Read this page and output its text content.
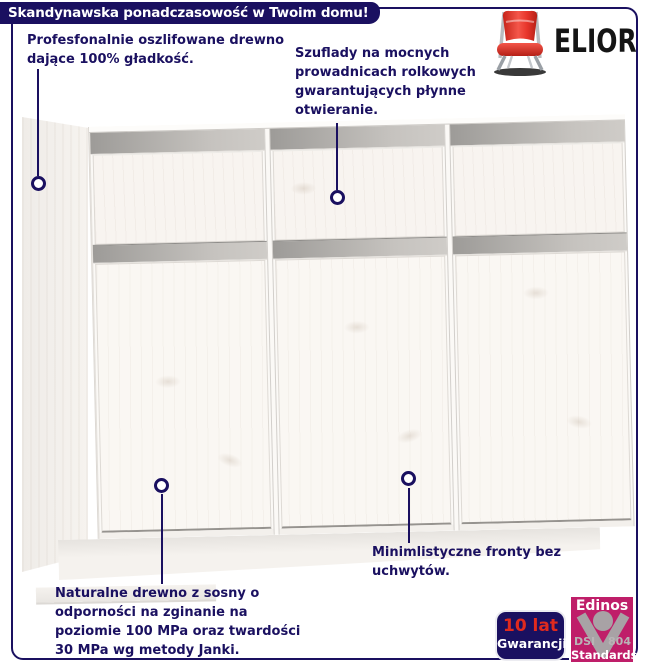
Skandynawska ponadczasowość w Twoim domu!
ELIOR
Profesfonalnie oszlifowane drewno
dające 100% gładkość.	Szuflady na mocnych
prowadnicach rolkowych
gwarantujących płynne
otwieranie.
Minimlistyczne fronty bez
uchwytów.
Naturalne drewno z sosny o
odporności na zginanie na
poziomie 100 MPa oraz twardości
30 MPa wg metody Janki.
10 lat
Gwarancji
Edinos
DSI 804
Standards
